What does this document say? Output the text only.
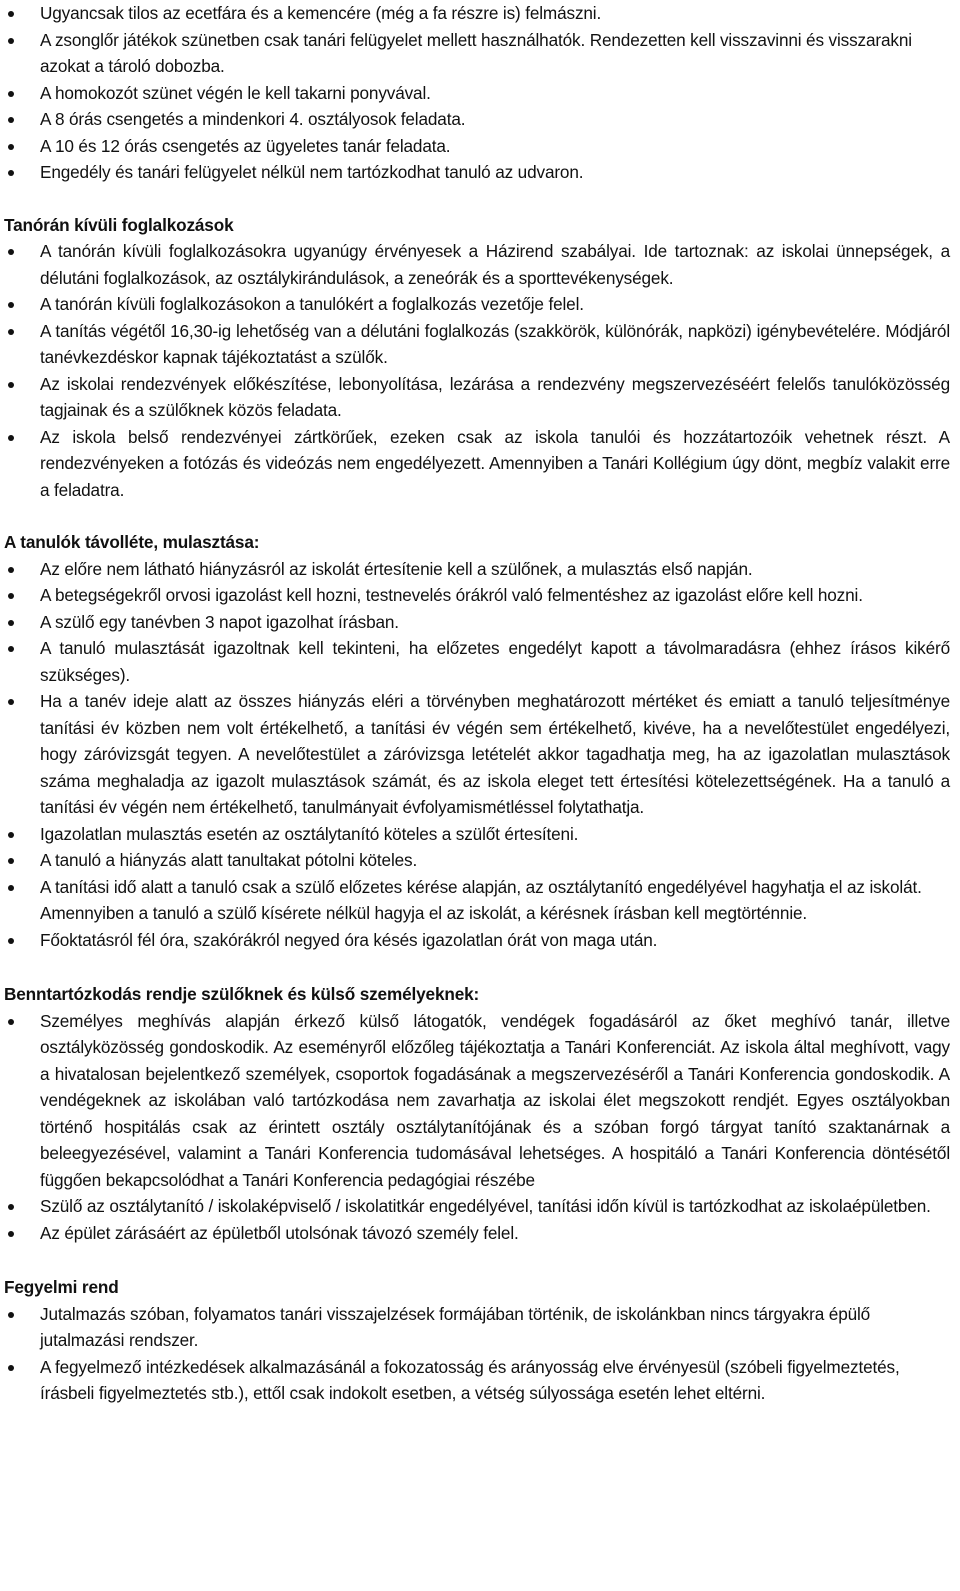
Ugyancsak tilos az ecetfára és a kemencére (még a fa részre is) felmászni.
A zsonglőr játékok szünetben csak tanári felügyelet mellett használhatók. Rendezetten kell visszavinni és visszarakni azokat a tároló dobozba.
A homokozót szünet végén le kell takarni ponyvával.
A 8 órás csengetés a mindenkori 4. osztályosok feladata.
A 10 és 12 órás csengetés az ügyeletes tanár feladata.
Engedély és tanári felügyelet nélkül nem tartózkodhat tanuló az udvaron.
Tanórán kívüli foglalkozások
A tanórán kívüli foglalkozásokra ugyanúgy érvényesek a Házirend szabályai. Ide tartoznak: az iskolai ünnepségek, a délutáni foglalkozások, az osztálykirándulások, a zeneórák és a sporttevékenységek.
A tanórán kívüli foglalkozásokon a tanulókért a foglalkozás vezetője felel.
A tanítás végétől 16,30-ig lehetőség van a délutáni foglalkozás (szakkörök, különórák, napközi) igénybevételére. Módjáról tanévkezdéskor kapnak tájékoztatást a szülők.
Az iskolai rendezvények előkészítése, lebonyolítása, lezárása a rendezvény megszervezéséért felelős tanulóközösség tagjainak és a szülőknek közös feladata.
Az iskola belső rendezvényei zártkörűek, ezeken csak az iskola tanulói és hozzátartozóik vehetnek részt. A rendezvényeken a fotózás és videózás nem engedélyezett. Amennyiben a Tanári Kollégium úgy dönt, megbíz valakit erre a feladatra.
A tanulók távolléte, mulasztása:
Az előre nem látható hiányzásról az iskolát értesítenie kell a szülőnek, a mulasztás első napján.
A betegségekről orvosi igazolást kell hozni, testnevelés órákról való felmentéshez az igazolást előre kell hozni.
A szülő egy tanévben 3 napot igazolhat írásban.
A tanuló mulasztását igazoltnak kell tekinteni, ha előzetes engedélyt kapott a távolmaradásra (ehhez írásos kikérő szükséges).
Ha a tanév ideje alatt az összes hiányzás eléri a törvényben meghatározott mértéket és emiatt a tanuló teljesítménye tanítási év közben nem volt értékelhető, a tanítási év végén sem értékelhető, kivéve, ha a nevelőtestület engedélyezi, hogy záróvizsgát tegyen. A nevelőtestület a záróvizsga letételét akkor tagadhatja meg, ha az igazolatlan mulasztások száma meghaladja az igazolt mulasztások számát, és az iskola eleget tett értesítési kötelezettségének. Ha a tanuló a tanítási év végén nem értékelhető, tanulmányait évfolyamismétléssel folytathatja.
Igazolatlan mulasztás esetén az osztálytanító köteles a szülőt értesíteni.
A tanuló a hiányzás alatt tanultakat pótolni köteles.
A tanítási idő alatt a tanuló csak a szülő előzetes kérése alapján, az osztálytanító engedélyével hagyhatja el az iskolát. Amennyiben a tanuló a szülő kísérete nélkül hagyja el az iskolát, a kérésnek írásban kell megtörténnie.
Főoktatásról fél óra, szakórákról negyed óra késés igazolatlan órát von maga után.
Benntartózkodás rendje szülőknek és külső személyeknek:
Személyes meghívás alapján érkező külső látogatók, vendégek fogadásáról az őket meghívó tanár, illetve osztályközösség gondoskodik. Az eseményről előzőleg tájékoztatja a Tanári Konferenciát. Az iskola által meghívott, vagy a hivatalosan bejelentkező személyek, csoportok fogadásának a megszervezéséről a Tanári Konferencia gondoskodik. A vendégeknek az iskolában való tartózkodása nem zavarhatja az iskolai élet megszokott rendjét. Egyes osztályokban történő hospitálás csak az érintett osztály osztálytanítójának és a szóban forgó tárgyat tanító szaktanárnak a beleegyezésével, valamint a Tanári Konferencia tudomásával lehetséges. A hospitáló a Tanári Konferencia döntésétől függően bekapcsolódhat a Tanári Konferencia pedagógiai részébe
Szülő az osztálytanító / iskolaképviselő / iskolatitkár engedélyével, tanítási időn kívül is tartózkodhat az iskolaépületben.
Az épület zárásáért az épületből utolsónak távozó személy felel.
Fegyelmi rend
Jutalmazás szóban, folyamatos tanári visszajelzések formájában történik, de iskolánkban nincs tárgyakra épülő jutalmazási rendszer.
A fegyelmező intézkedések alkalmazásánál a fokozatosság és arányosság elve érvényesül (szóbeli figyelmeztetés, írásbeli figyelmeztetés stb.), ettől csak indokolt esetben, a vétség súlyossága esetén lehet eltérni.
